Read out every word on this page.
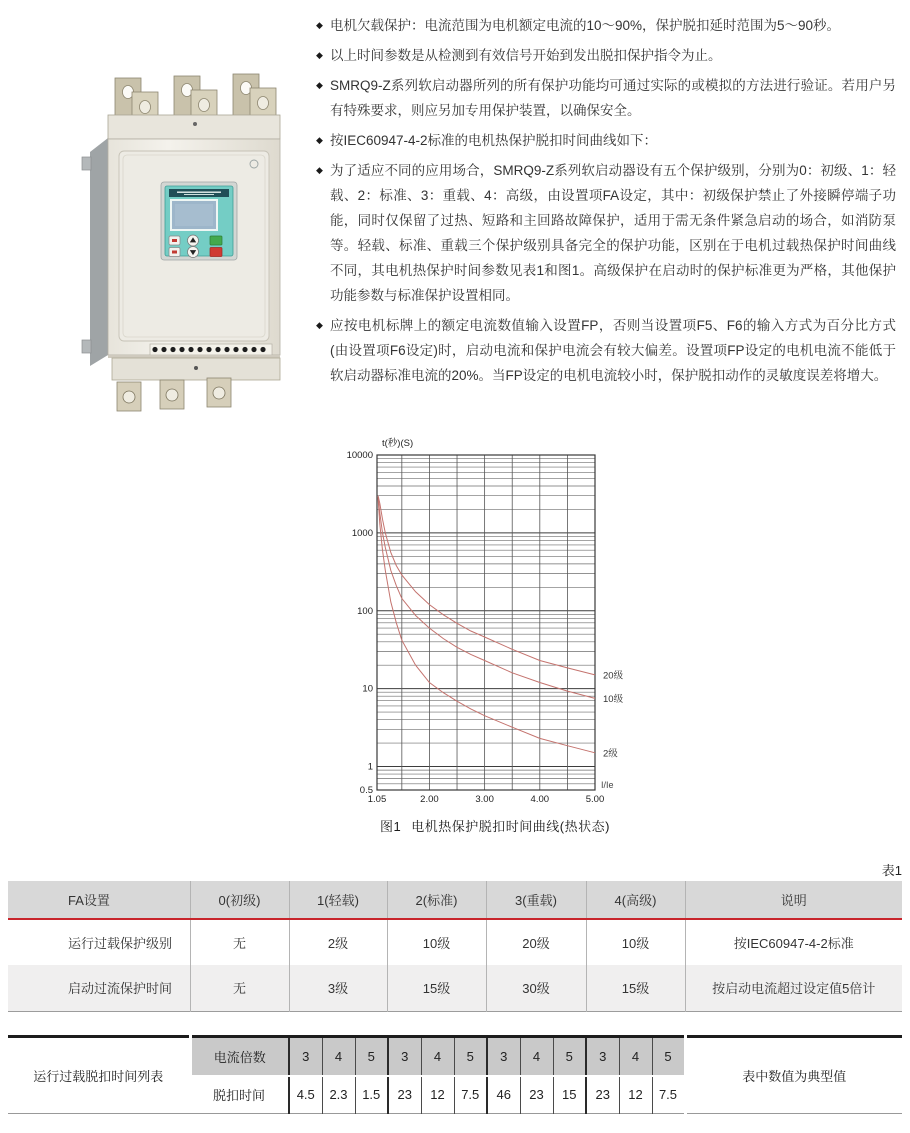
◆ 电机欠载保护：电流范围为电机额定电流的10～90%，保护脱扣延时范围为5～90秒。
◆ 以上时间参数是从检测到有效信号开始到发出脱扣保护指令为止。
◆ SMRQ9-Z系列软启动器所列的所有保护功能均可通过实际的或模拟的方法进行验证。若用户另有特殊要求，则应另加专用保护装置，以确保安全。
◆ 按IEC60947-4-2标准的电机热保护脱扣时间曲线如下：
◆ 为了适应不同的应用场合，SMRQ9-Z系列软启动器设有五个保护级别，分别为0：初级、1：轻载、2：标准、3：重载、4：高级，由设置项FA设定，其中：初级保护禁止了外接瞬停端子功能，同时仅保留了过热、短路和主回路故障保护，适用于需无条件紧急启动的场合，如消防泵等。轻载、标准、重载三个保护级别具备完全的保护功能，区别在于电机过载热保护时间曲线不同，其电机热保护时间参数见表1和图1。高级保护在启动时的保护标准更为严格，其他保护功能参数与标准保护设置相同。
◆ 应按电机标牌上的额定电流数值输入设置FP，否则当设置项F5、F6的输入方式为百分比方式(由设置项F6设定)时，启动电流和保护电流会有较大偏差。设置项FP设定的电机电流不能低于软启动器标准电流的20%。当FP设定的电机电流较小时，保护脱扣动作的灵敏度误差将增大。
20级
10级
2级
10000
1000
100
10
1
0.5
1.05	2.00	3.00	4.00	5.00
t(秒)(S)
I/Ie
图1 电机热保护脱扣时间曲线(热状态)
表1
FA设置	0(初级)	1(轻载)	2(标准)	3(重载)	4(高级)	说明
运行过载保护级别	无	2级	10级	20级	10级	按IEC60947-4-2标准
启动过流保护时间	无	3级	15级	30级	15级	按启动电流超过设定值5倍计
运行过载脱扣时间列表	电流倍数	3	4	5	3	4	5	3	4	5	3	4	5	表中数值为典型值
	脱扣时间	4.5	2.3	1.5	23	12	7.5	46	23	15	23	12	7.5	
